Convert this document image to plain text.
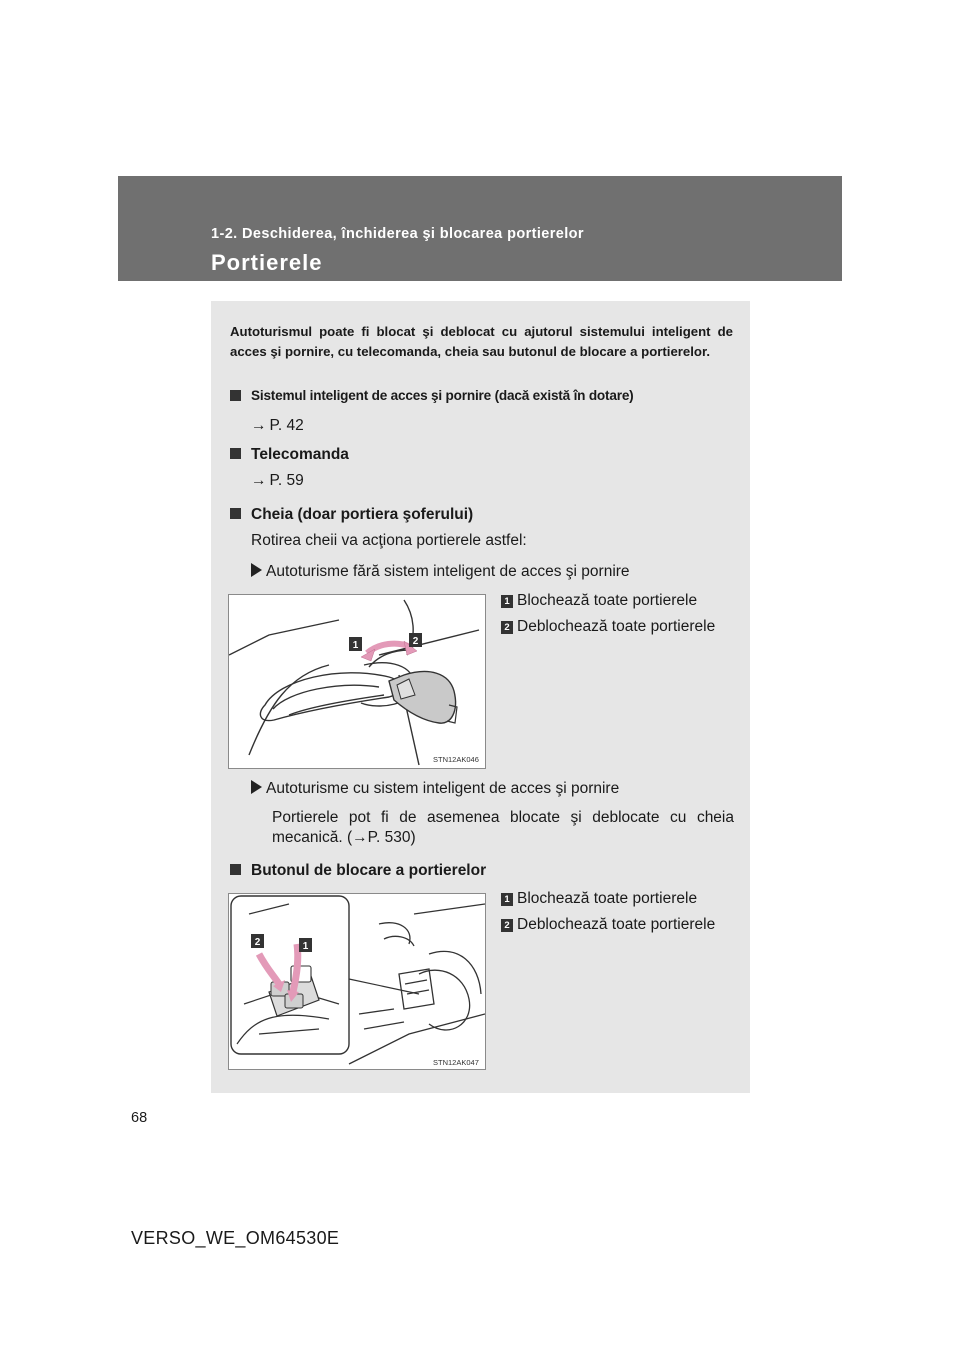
1-2. Deschiderea, închiderea şi blocarea portierelor
Portierele
Autoturismul poate fi blocat şi deblocat cu ajutorul sistemului inteligent de acces şi pornire, cu telecomanda, cheia sau butonul de blocare a portierelor.
Sistemul inteligent de acces şi pornire (dacă există în dotare)
→ P. 42
Telecomanda
→ P. 59
Cheia (doar portiera şoferului)
Rotirea cheii va acţiona portierele astfel:
Autoturisme fără sistem inteligent de acces şi pornire
1	2
STN12AK046
1 Blochează toate portierele
2 Deblochează toate portierele
Autoturisme cu sistem inteligent de acces şi pornire
Portierele pot fi de asemenea blocate şi deblocate cu cheia
mecanică. (→P. 530)
Butonul de blocare a portierelor
2	1
STN12AK047
1 Blochează toate portierele
2 Deblochează toate portierele
68
VERSO_WE_OM64530E
